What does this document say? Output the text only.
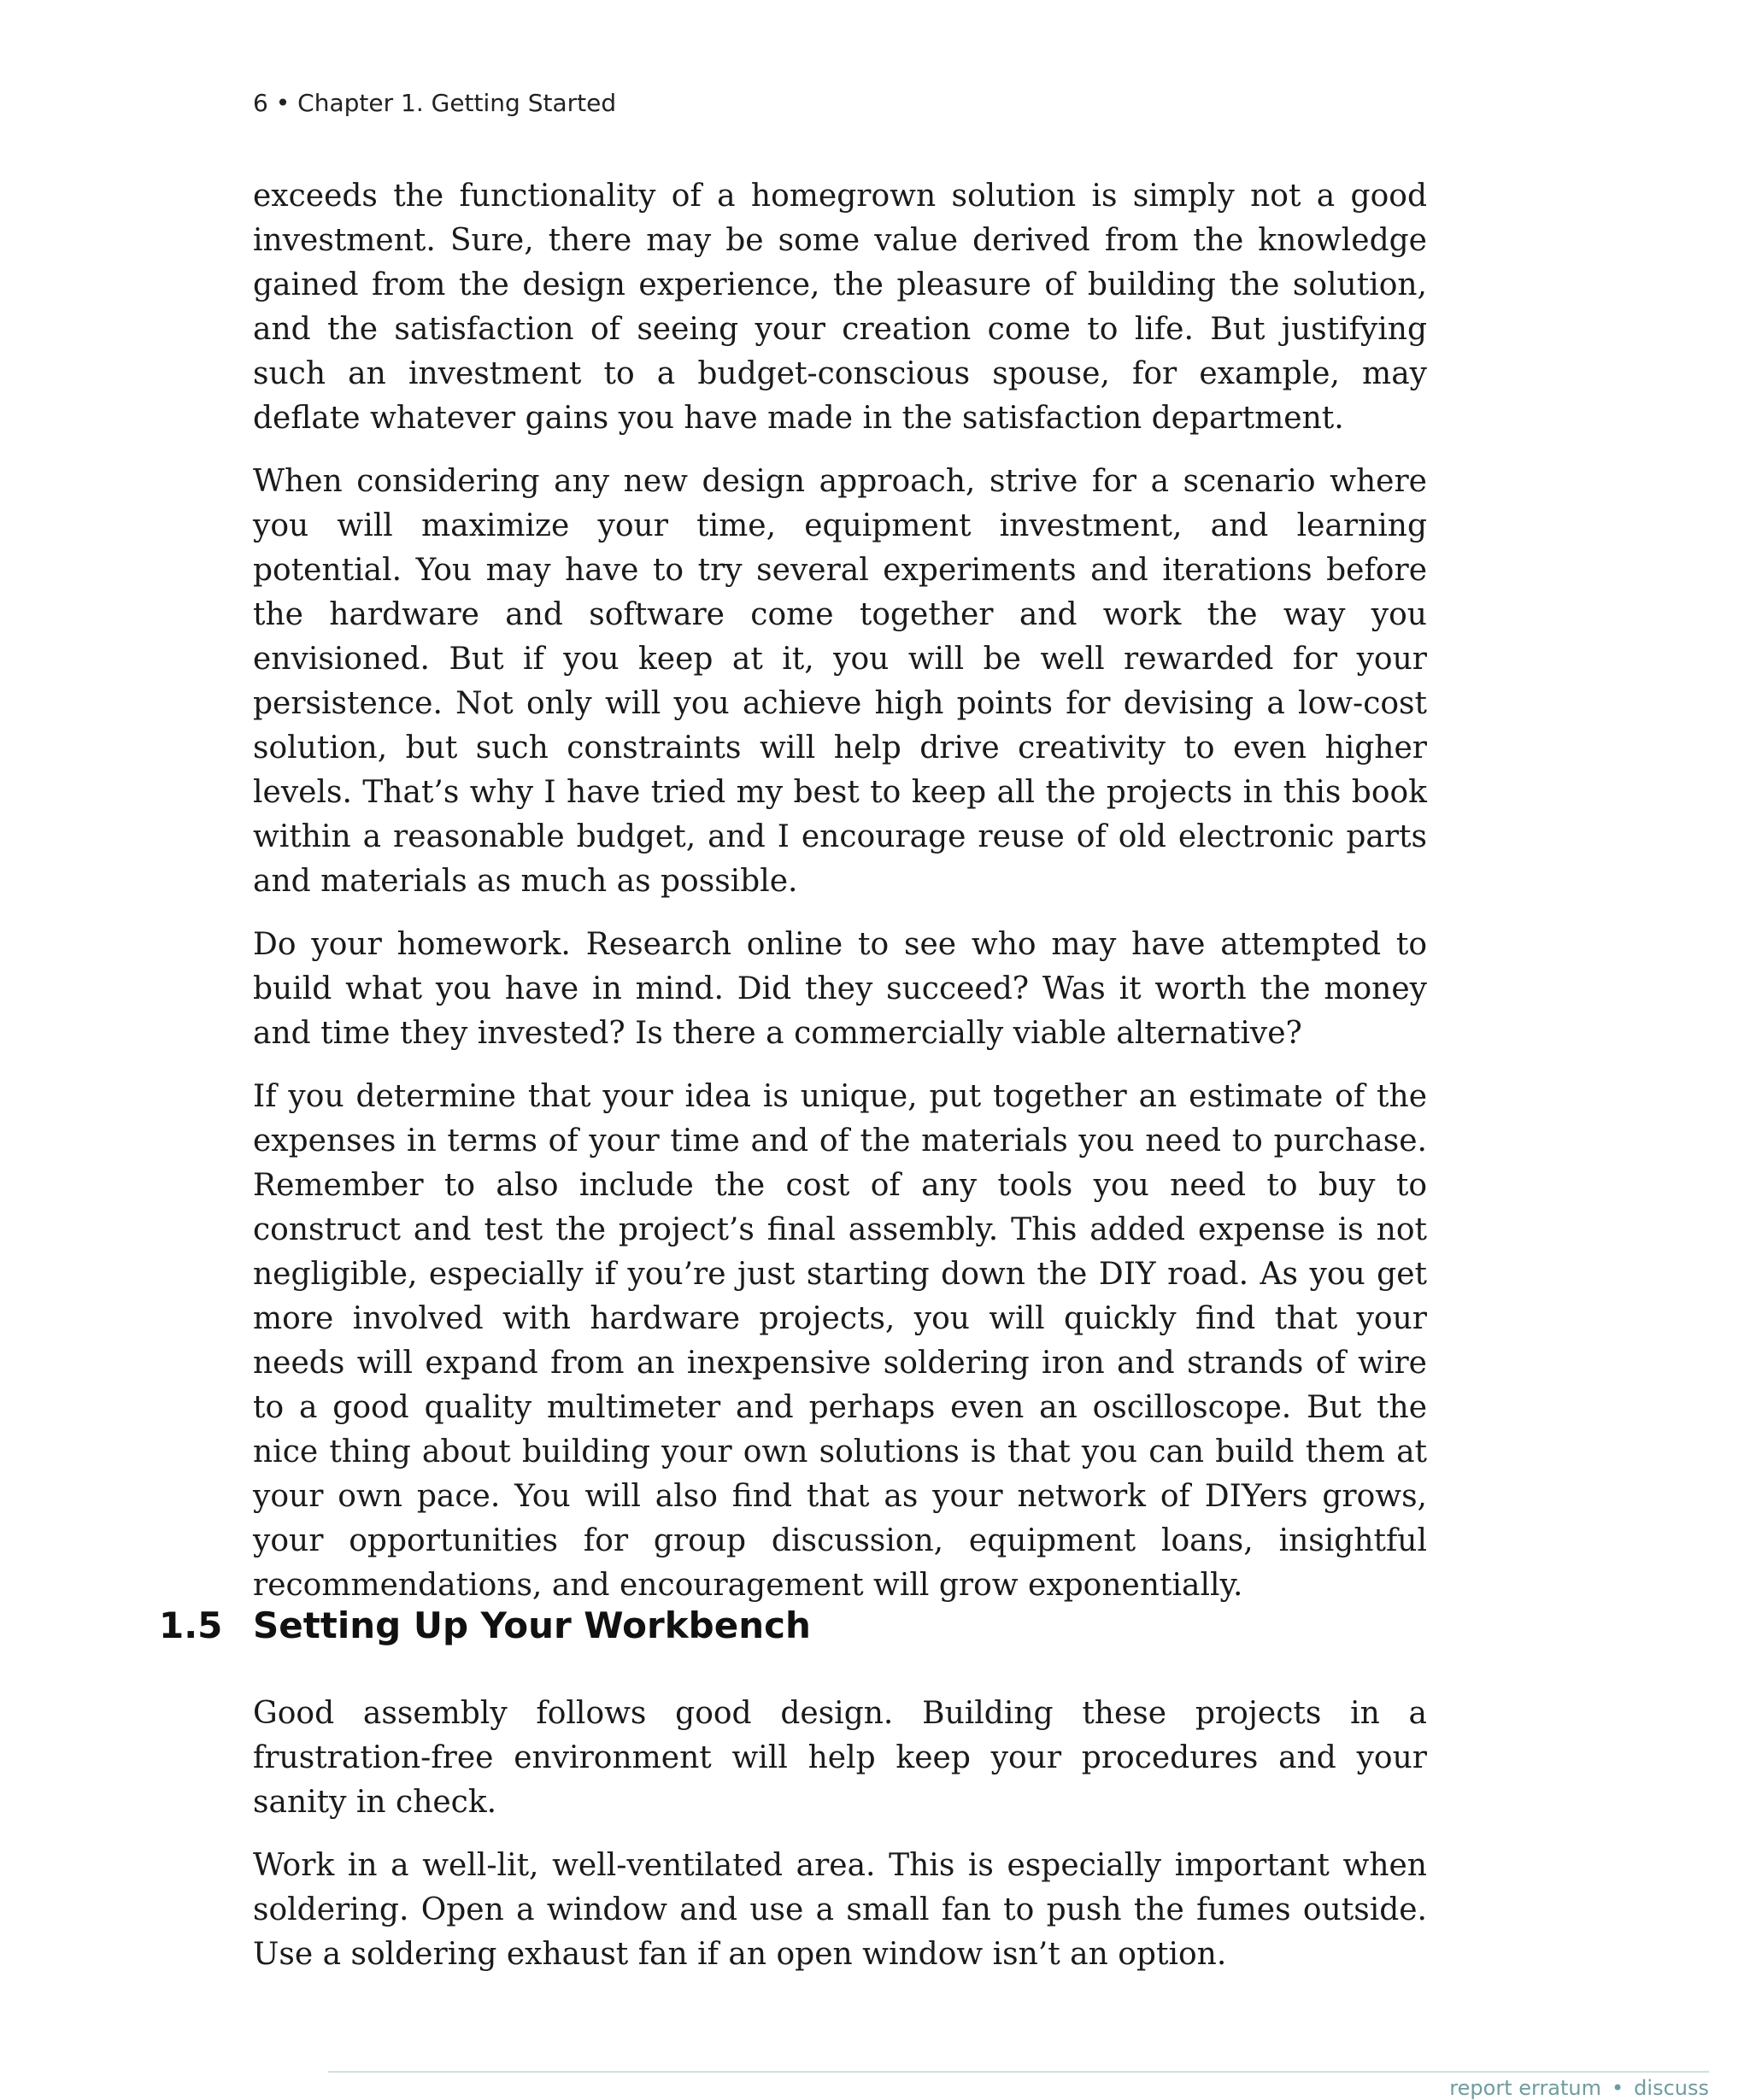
6 • Chapter 1. Getting Started

exceeds the functionality of a homegrown solution is simply not a good investment. Sure, there may be some value derived from the knowledge gained from the design experience, the pleasure of building the solution, and the satisfaction of seeing your creation come to life. But justifying such an investment to a budget-conscious spouse, for example, may deflate whatever gains you have made in the satisfaction department.

When considering any new design approach, strive for a scenario where you will maximize your time, equipment investment, and learning potential. You may have to try several experiments and iterations before the hardware and software come together and work the way you envisioned. But if you keep at it, you will be well rewarded for your persistence. Not only will you achieve high points for devising a low-cost solution, but such constraints will help drive creativity to even higher levels. That’s why I have tried my best to keep all the projects in this book within a reasonable budget, and I encourage reuse of old electronic parts and materials as much as possible.

Do your homework. Research online to see who may have attempted to build what you have in mind. Did they succeed? Was it worth the money and time they invested? Is there a commercially viable alternative?

If you determine that your idea is unique, put together an estimate of the expenses in terms of your time and of the materials you need to purchase. Remember to also include the cost of any tools you need to buy to construct and test the project’s final assembly. This added expense is not negligible, especially if you’re just starting down the DIY road. As you get more involved with hardware projects, you will quickly find that your needs will expand from an inexpensive soldering iron and strands of wire to a good quality multimeter and perhaps even an oscilloscope. But the nice thing about building your own solutions is that you can build them at your own pace. You will also find that as your network of DIYers grows, your opportunities for group discussion, equipment loans, insightful recommendations, and encouragement will grow exponentially.

1.5 Setting Up Your Workbench

Good assembly follows good design. Building these projects in a frustration-free environment will help keep your procedures and your sanity in check.

Work in a well-lit, well-ventilated area. This is especially important when soldering. Open a window and use a small fan to push the fumes outside. Use a soldering exhaust fan if an open window isn’t an option.

report erratum • discuss
